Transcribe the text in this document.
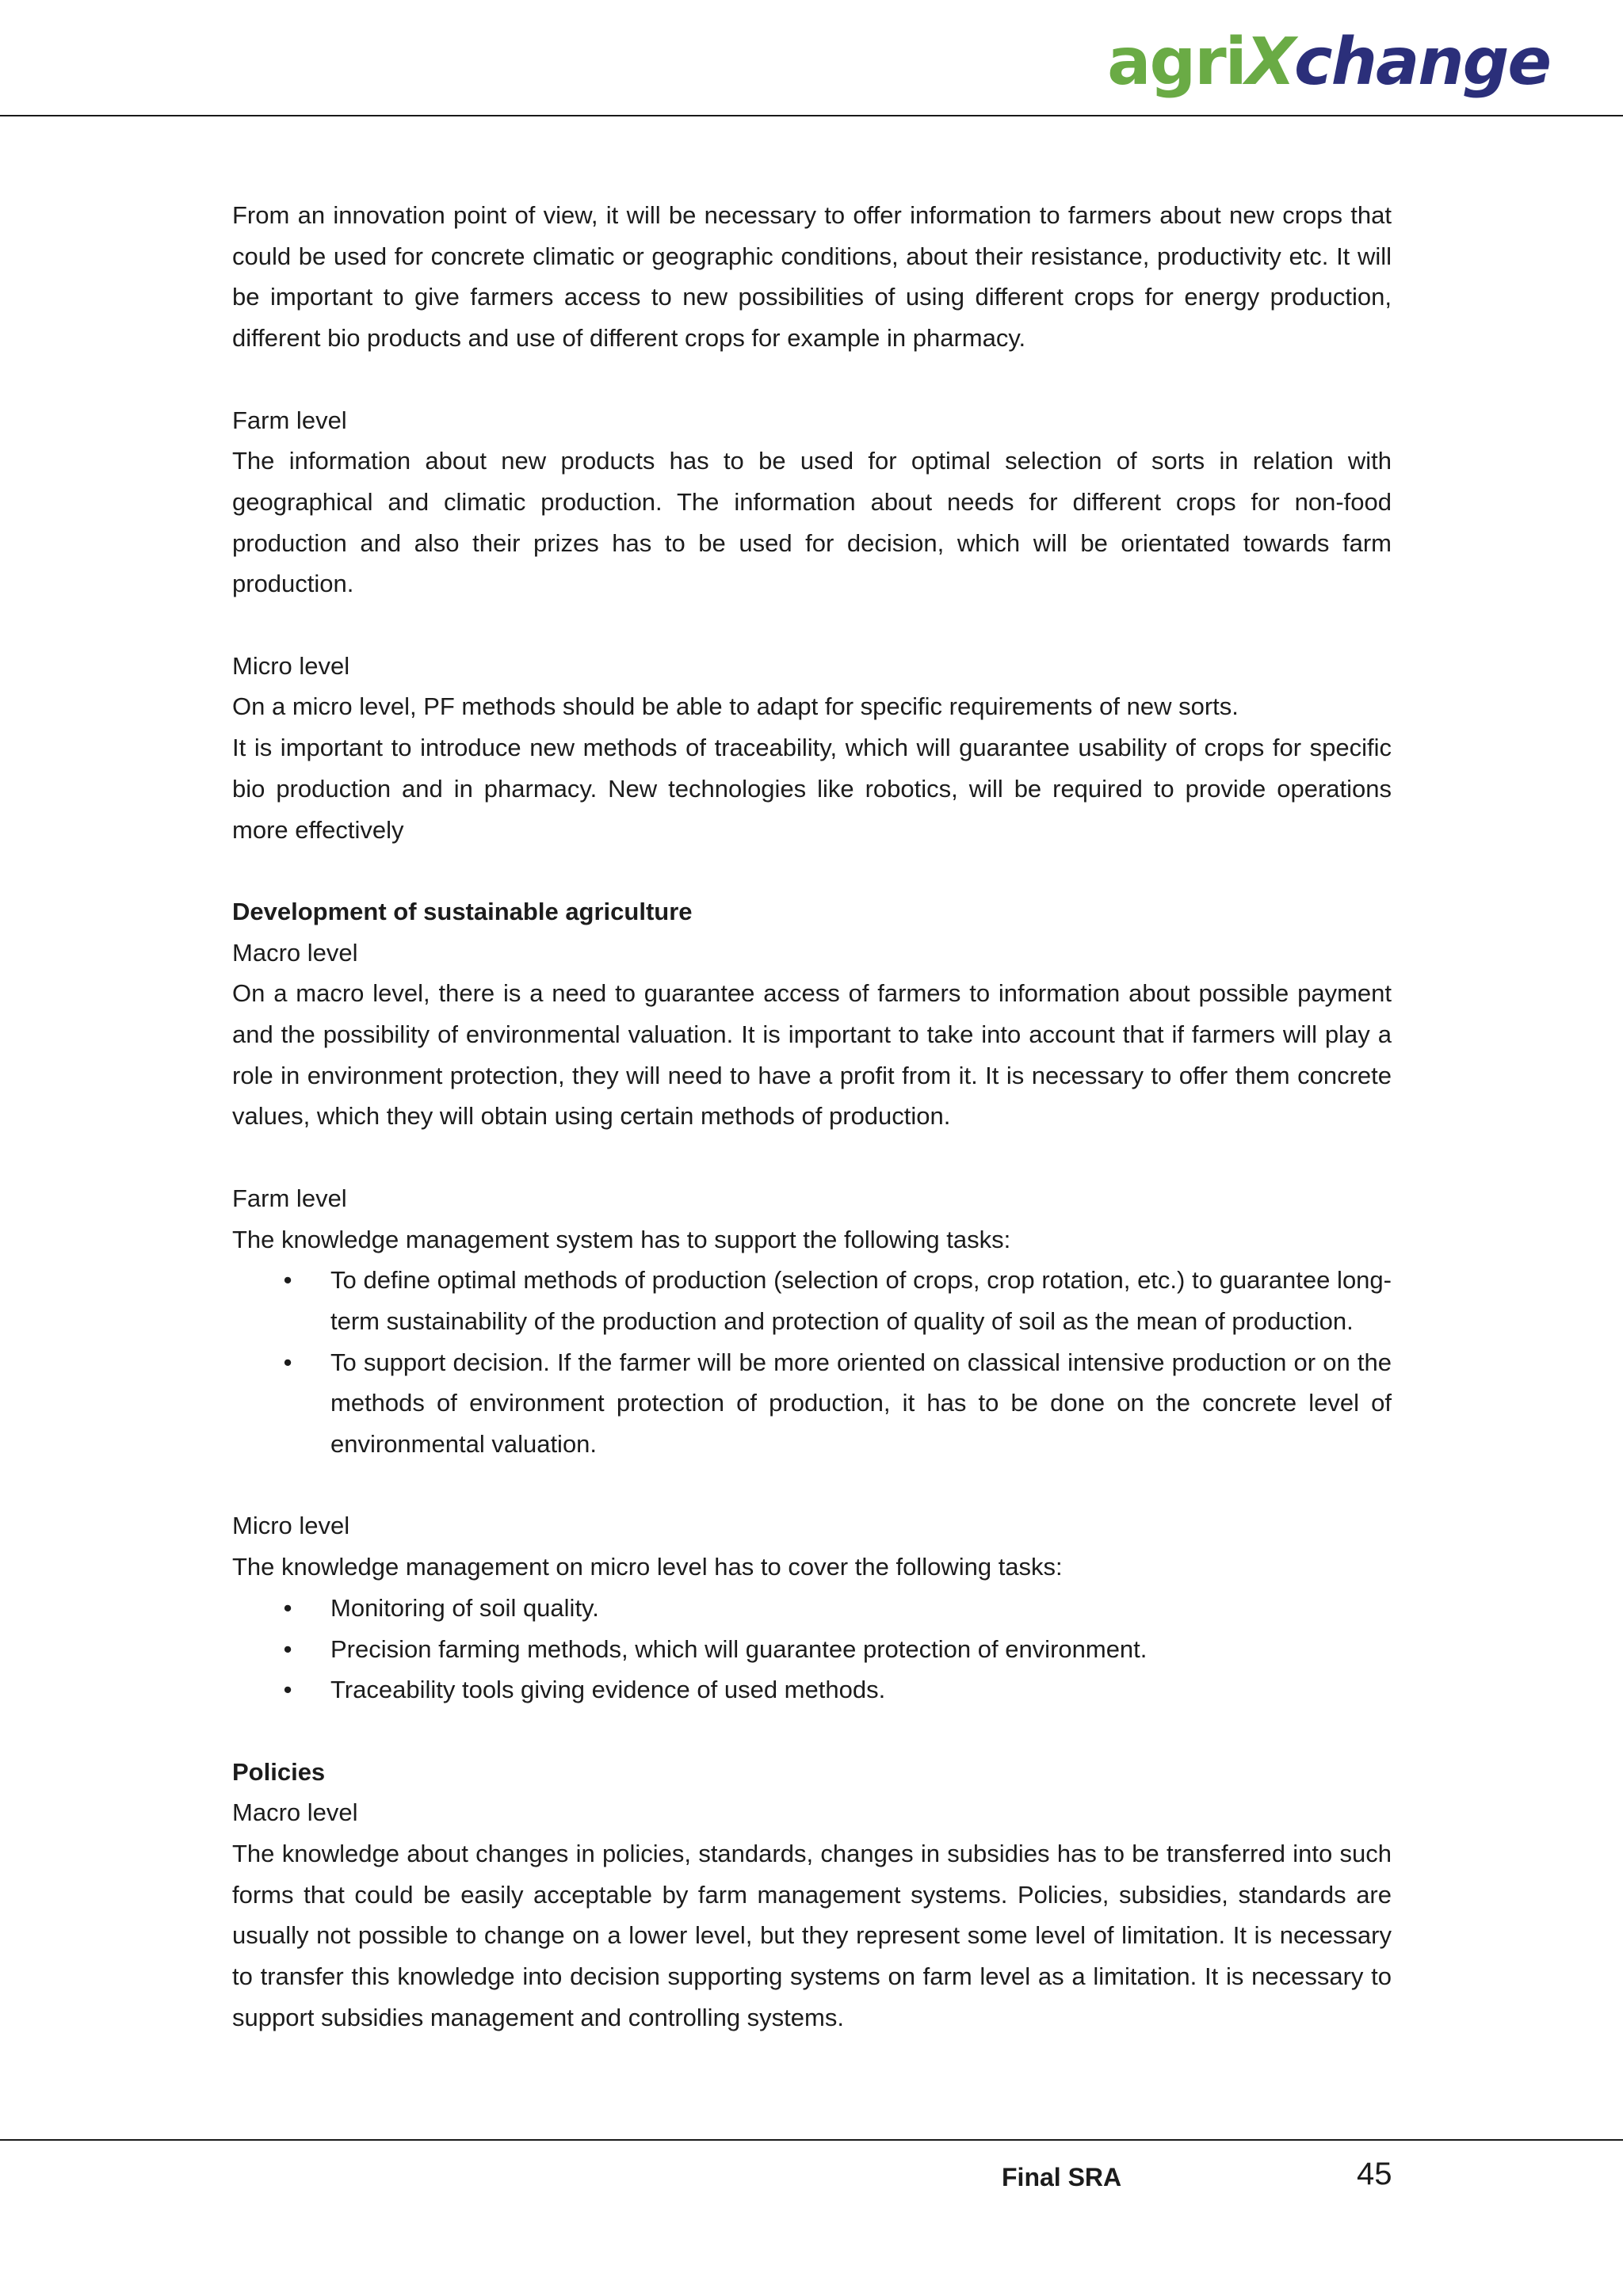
agriXchange

From an innovation point of view, it will be necessary to offer information to farmers about new crops that could be used for concrete climatic or geographic conditions, about their resistance, productivity etc. It will be important to give farmers access to new possibilities of using different crops for energy production, different bio products and use of different crops for example in pharmacy.

Farm level

The information about new products has to be used for optimal selection of sorts in relation with geographical and climatic production. The information about needs for different crops for non-food production and also their prizes has to be used for decision, which will be orientated towards farm production.

Micro level

On a micro level, PF methods should be able to adapt for specific requirements of new sorts.

It is important to introduce new methods of traceability, which will guarantee usability of crops for specific bio production and in pharmacy. New technologies like robotics, will be required to provide operations more effectively

Development of sustainable agriculture

Macro level

On a macro level, there is a need to guarantee access of farmers to information about possible payment and the possibility of environmental valuation. It is important to take into account that if farmers will play a role in environment protection, they will need to have a profit from it. It is necessary to offer them concrete values, which they will obtain using certain methods of production.

Farm level

The knowledge management system has to support the following tasks:

• To define optimal methods of production (selection of crops, crop rotation, etc.) to guarantee long-term sustainability of the production and protection of quality of soil as the mean of production.
• To support decision. If the farmer will be more oriented on classical intensive production or on the methods of environment protection of production, it has to be done on the concrete level of environmental valuation.

Micro level

The knowledge management on micro level has to cover the following tasks:

• Monitoring of soil quality.
• Precision farming methods, which will guarantee protection of environment.
• Traceability tools giving evidence of used methods.

Policies

Macro level

The knowledge about changes in policies, standards, changes in subsidies has to be transferred into such forms that could be easily acceptable by farm management systems. Policies, subsidies, standards are usually not possible to change on a lower level, but they represent some level of limitation. It is necessary to transfer this knowledge into decision supporting systems on farm level as a limitation. It is necessary to support subsidies management and controlling systems.

Final SRA	45
